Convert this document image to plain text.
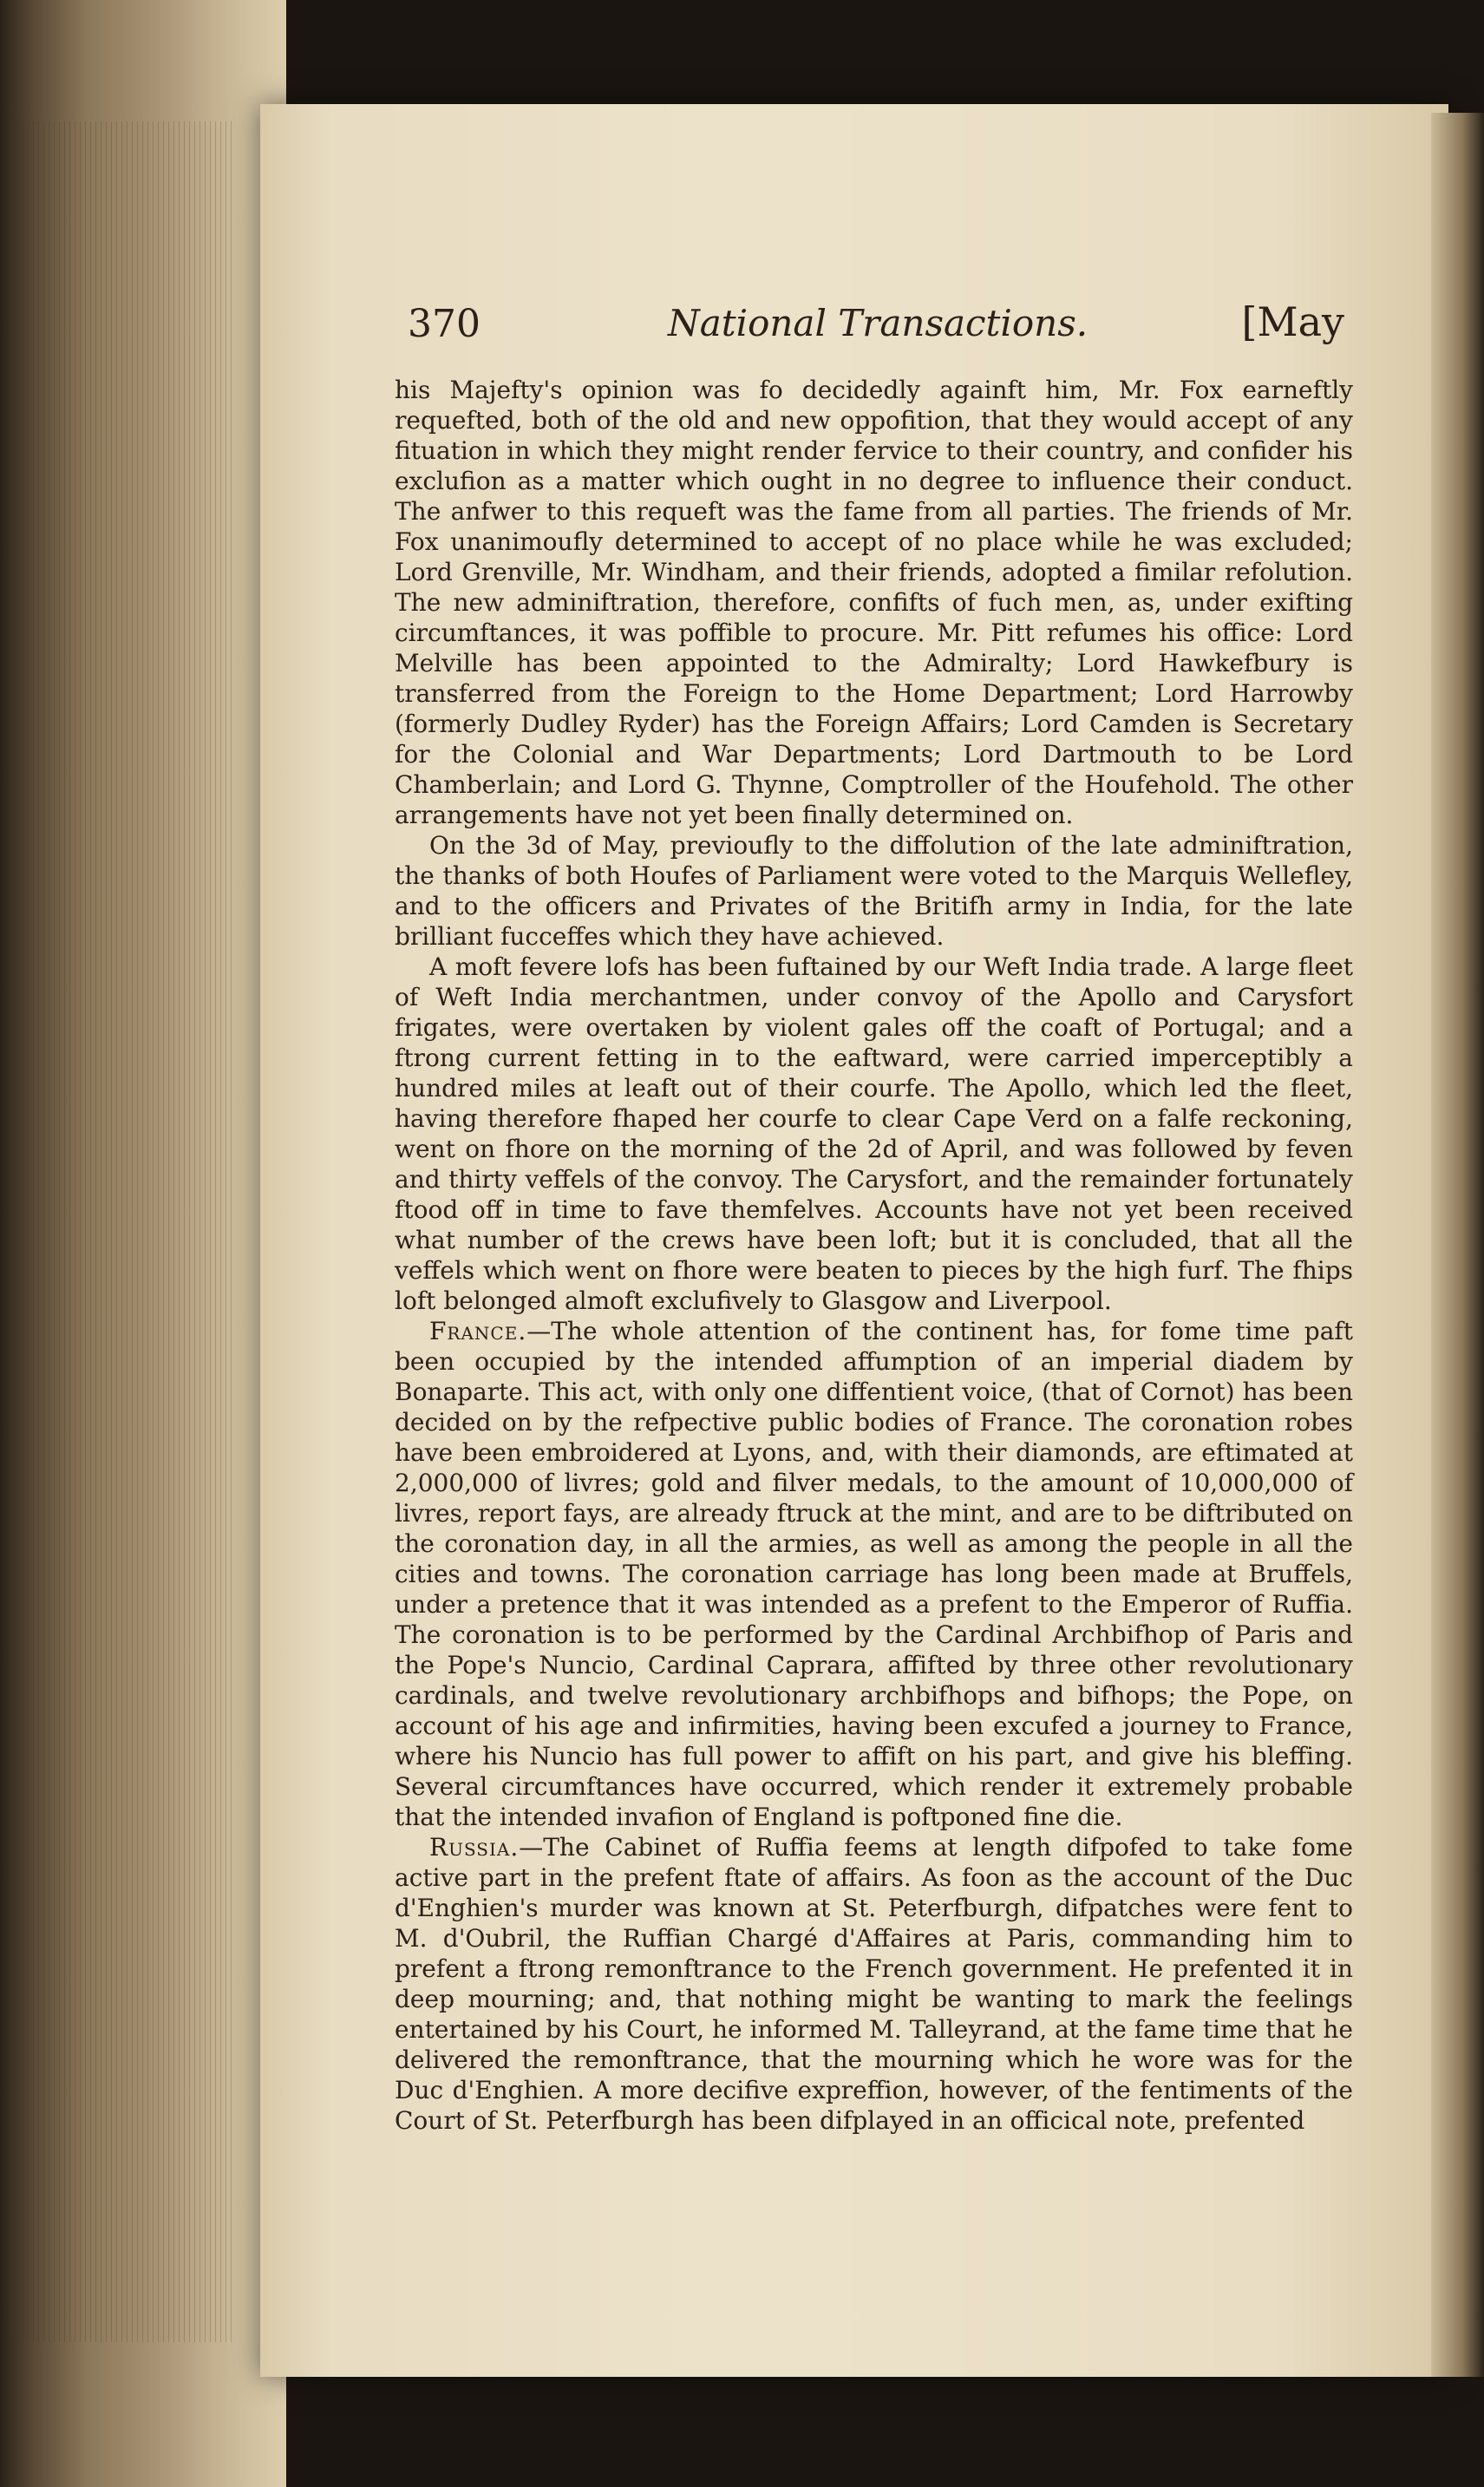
370	National Transactions.	[May

his Majefty's opinion was fo decidedly againft him, Mr. Fox earneftly requefted, both of the old and new oppofition, that they would accept of any fituation in which they might render fervice to their country, and confider his exclufion as a matter which ought in no degree to influence their conduct. The anfwer to this requeft was the fame from all parties. The friends of Mr. Fox unanimoufly determined to accept of no place while he was excluded; Lord Grenville, Mr. Windham, and their friends, adopted a fimilar refolution. The new adminiftration, therefore, confifts of fuch men, as, under exifting circumftances, it was poffible to procure. Mr. Pitt refumes his office: Lord Melville has been appointed to the Admiralty; Lord Hawkefbury is transferred from the Foreign to the Home Department; Lord Harrowby (formerly Dudley Ryder) has the Foreign Affairs; Lord Camden is Secretary for the Colonial and War Departments; Lord Dartmouth to be Lord Chamberlain; and Lord G. Thynne, Comptroller of the Houfehold. The other arrangements have not yet been finally determined on.

On the 3d of May, previoufly to the diffolution of the late adminiftration, the thanks of both Houfes of Parliament were voted to the Marquis Wellefley, and to the officers and Privates of the Britifh army in India, for the late brilliant fucceffes which they have achieved.

A moft fevere lofs has been fuftained by our Weft India trade. A large fleet of Weft India merchantmen, under convoy of the Apollo and Carysfort frigates, were overtaken by violent gales off the coaft of Portugal; and a ftrong current fetting in to the eaftward, were carried imperceptibly a hundred miles at leaft out of their courfe. The Apollo, which led the fleet, having therefore fhaped her courfe to clear Cape Verd on a falfe reckoning, went on fhore on the morning of the 2d of April, and was followed by feven and thirty veffels of the convoy. The Carysfort, and the remainder fortunately ftood off in time to fave themfelves. Accounts have not yet been received what number of the crews have been loft; but it is concluded, that all the veffels which went on fhore were beaten to pieces by the high furf. The fhips loft belonged almoft exclufively to Glasgow and Liverpool.

France.—The whole attention of the continent has, for fome time paft been occupied by the intended affumption of an imperial diadem by Bonaparte. This act, with only one diffentient voice, (that of Cornot) has been decided on by the refpective public bodies of France. The coronation robes have been embroidered at Lyons, and, with their diamonds, are eftimated at 2,000,000 of livres; gold and filver medals, to the amount of 10,000,000 of livres, report fays, are already ftruck at the mint, and are to be diftributed on the coronation day, in all the armies, as well as among the people in all the cities and towns. The coronation carriage has long been made at Bruffels, under a pretence that it was intended as a prefent to the Emperor of Ruffia. The coronation is to be performed by the Cardinal Archbifhop of Paris and the Pope's Nuncio, Cardinal Caprara, affifted by three other revolutionary cardinals, and twelve revolutionary archbifhops and bifhops; the Pope, on account of his age and infirmities, having been excufed a journey to France, where his Nuncio has full power to affift on his part, and give his bleffing. Several circumftances have occurred, which render it extremely probable that the intended invafion of England is poftponed fine die.

Russia.—The Cabinet of Ruffia feems at length difpofed to take fome active part in the prefent ftate of affairs. As foon as the account of the Duc d'Enghien's murder was known at St. Peterfburgh, difpatches were fent to M. d'Oubril, the Ruffian Chargé d'Affaires at Paris, commanding him to prefent a ftrong remonftrance to the French government. He prefented it in deep mourning; and, that nothing might be wanting to mark the feelings entertained by his Court, he informed M. Talleyrand, at the fame time that he delivered the remonftrance, that the mourning which he wore was for the Duc d'Enghien. A more decifive expreffion, however, of the fentiments of the Court of St. Peterfburgh has been difplayed in an officical note, prefented
